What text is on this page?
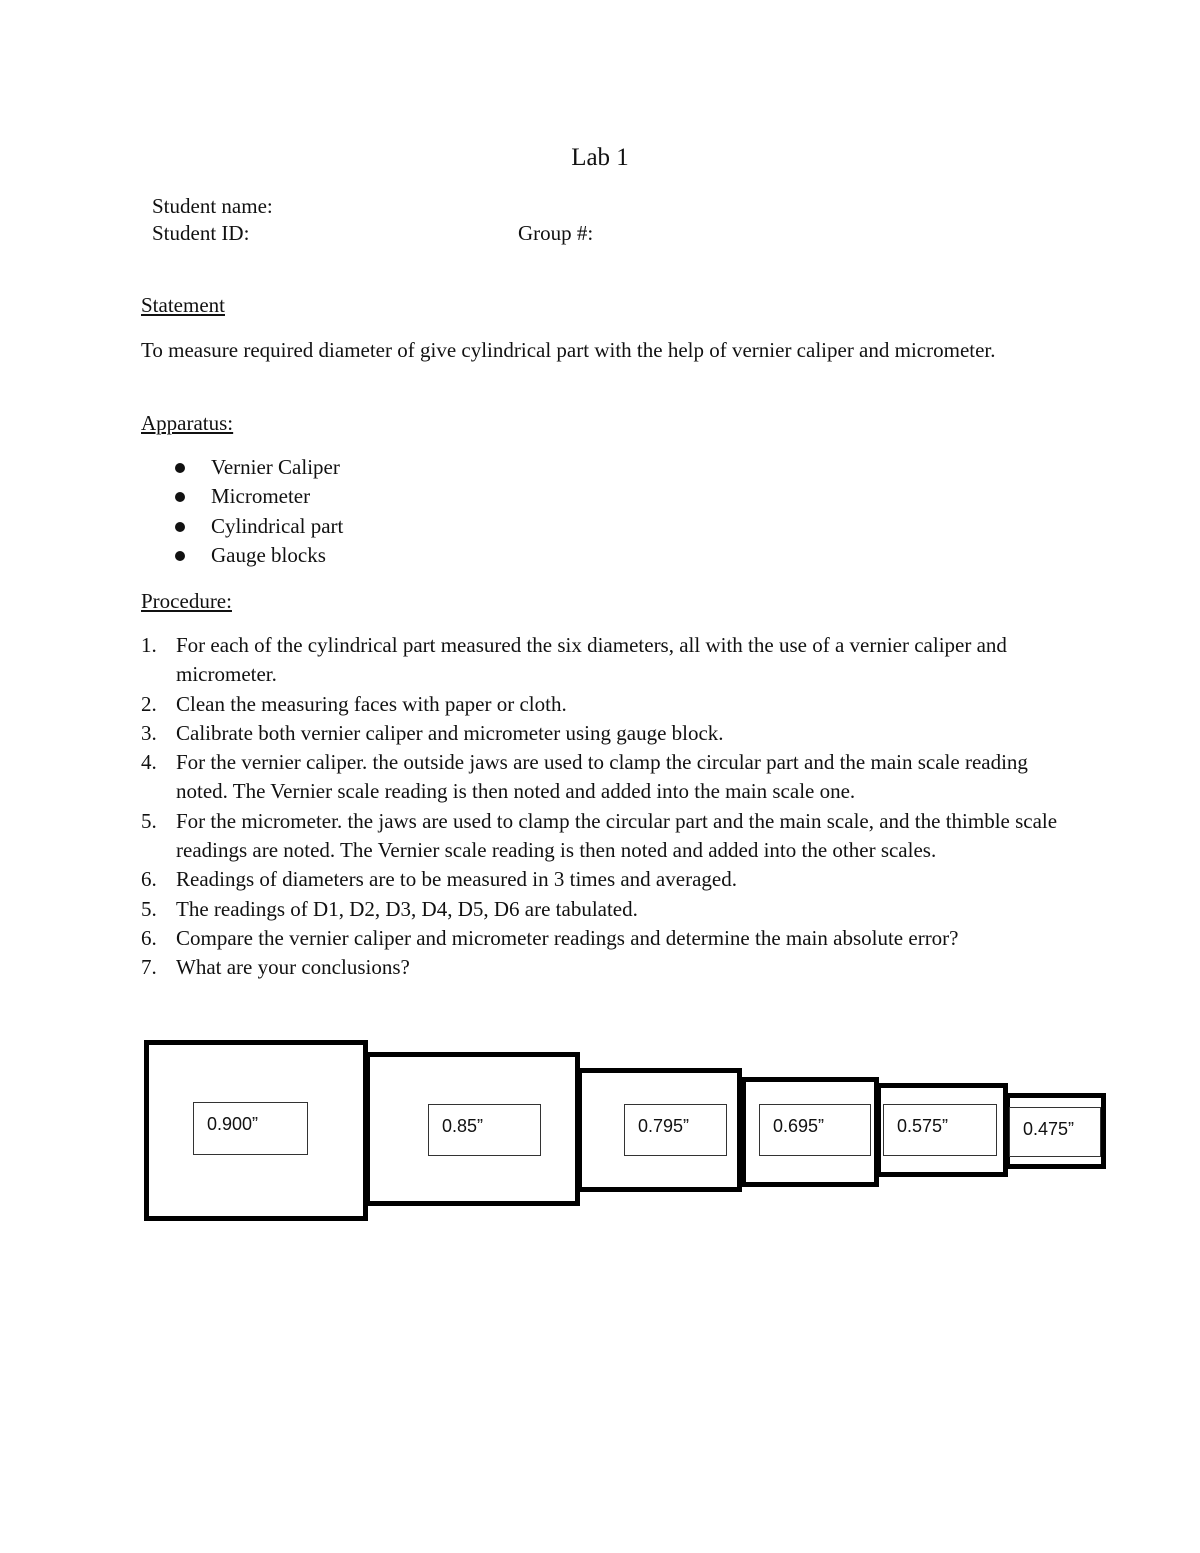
Lab 1
Student name:
Student ID:	Group #:
Statement
To measure required diameter of give cylindrical part with the help of vernier caliper and micrometer.
Apparatus:
Vernier Caliper
Micrometer
Cylindrical part
Gauge blocks
Procedure:
1. For each of the cylindrical part measured the six diameters, all with the use of a vernier caliper and micrometer.
2. Clean the measuring faces with paper or cloth.
3. Calibrate both vernier caliper and micrometer using gauge block.
4. For the vernier caliper. the outside jaws are used to clamp the circular part and the main scale reading noted. The Vernier scale reading is then noted and added into the main scale one.
5. For the micrometer. the jaws are used to clamp the circular part and the main scale, and the thimble scale readings are noted. The Vernier scale reading is then noted and added into the other scales.
6. Readings of diameters are to be measured in 3 times and averaged.
5. The readings of D1, D2, D3, D4, D5, D6 are tabulated.
6. Compare the vernier caliper and micrometer readings and determine the main absolute error?
7. What are your conclusions?
0.900”	0.85”	0.795”	0.695”	0.575”	0.475”
